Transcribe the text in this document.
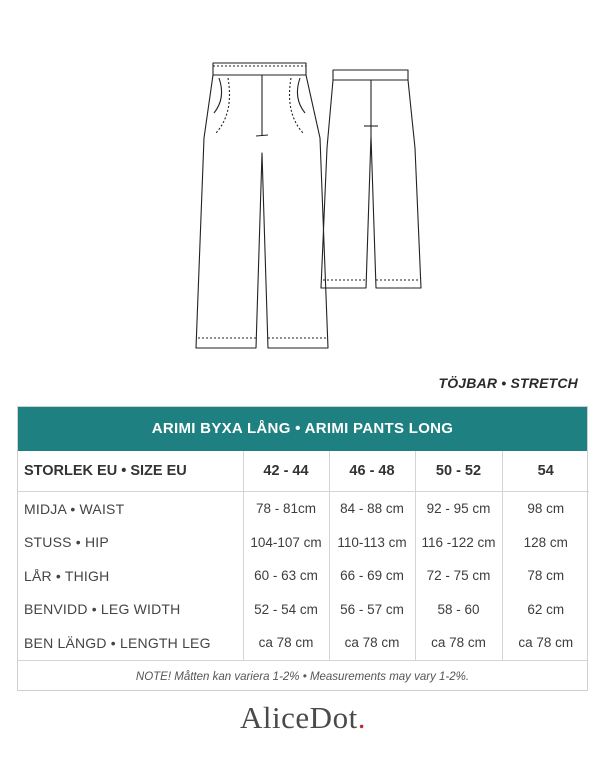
TÖJBAR • STRETCH
ARIMI BYXA LÅNG • ARIMI PANTS LONG
STORLEK EU • SIZE EU	42 - 44	46 - 48	50 - 52	54
MIDJA • WAIST	78 - 81cm	84 - 88 cm	92 - 95 cm	98 cm
STUSS • HIP	104-107 cm	110-113 cm	116 -122 cm	128 cm
LÅR • THIGH	60 - 63 cm	66 - 69 cm	72 - 75 cm	78 cm
BENVIDD • LEG WIDTH	52 - 54 cm	56 - 57 cm	58 - 60	62 cm
BEN LÄNGD • LENGTH LEG	ca 78 cm	ca 78 cm	ca 78 cm	ca 78 cm
NOTE! Måtten kan variera 1-2% • Measurements may vary 1-2%.
AliceDot.
